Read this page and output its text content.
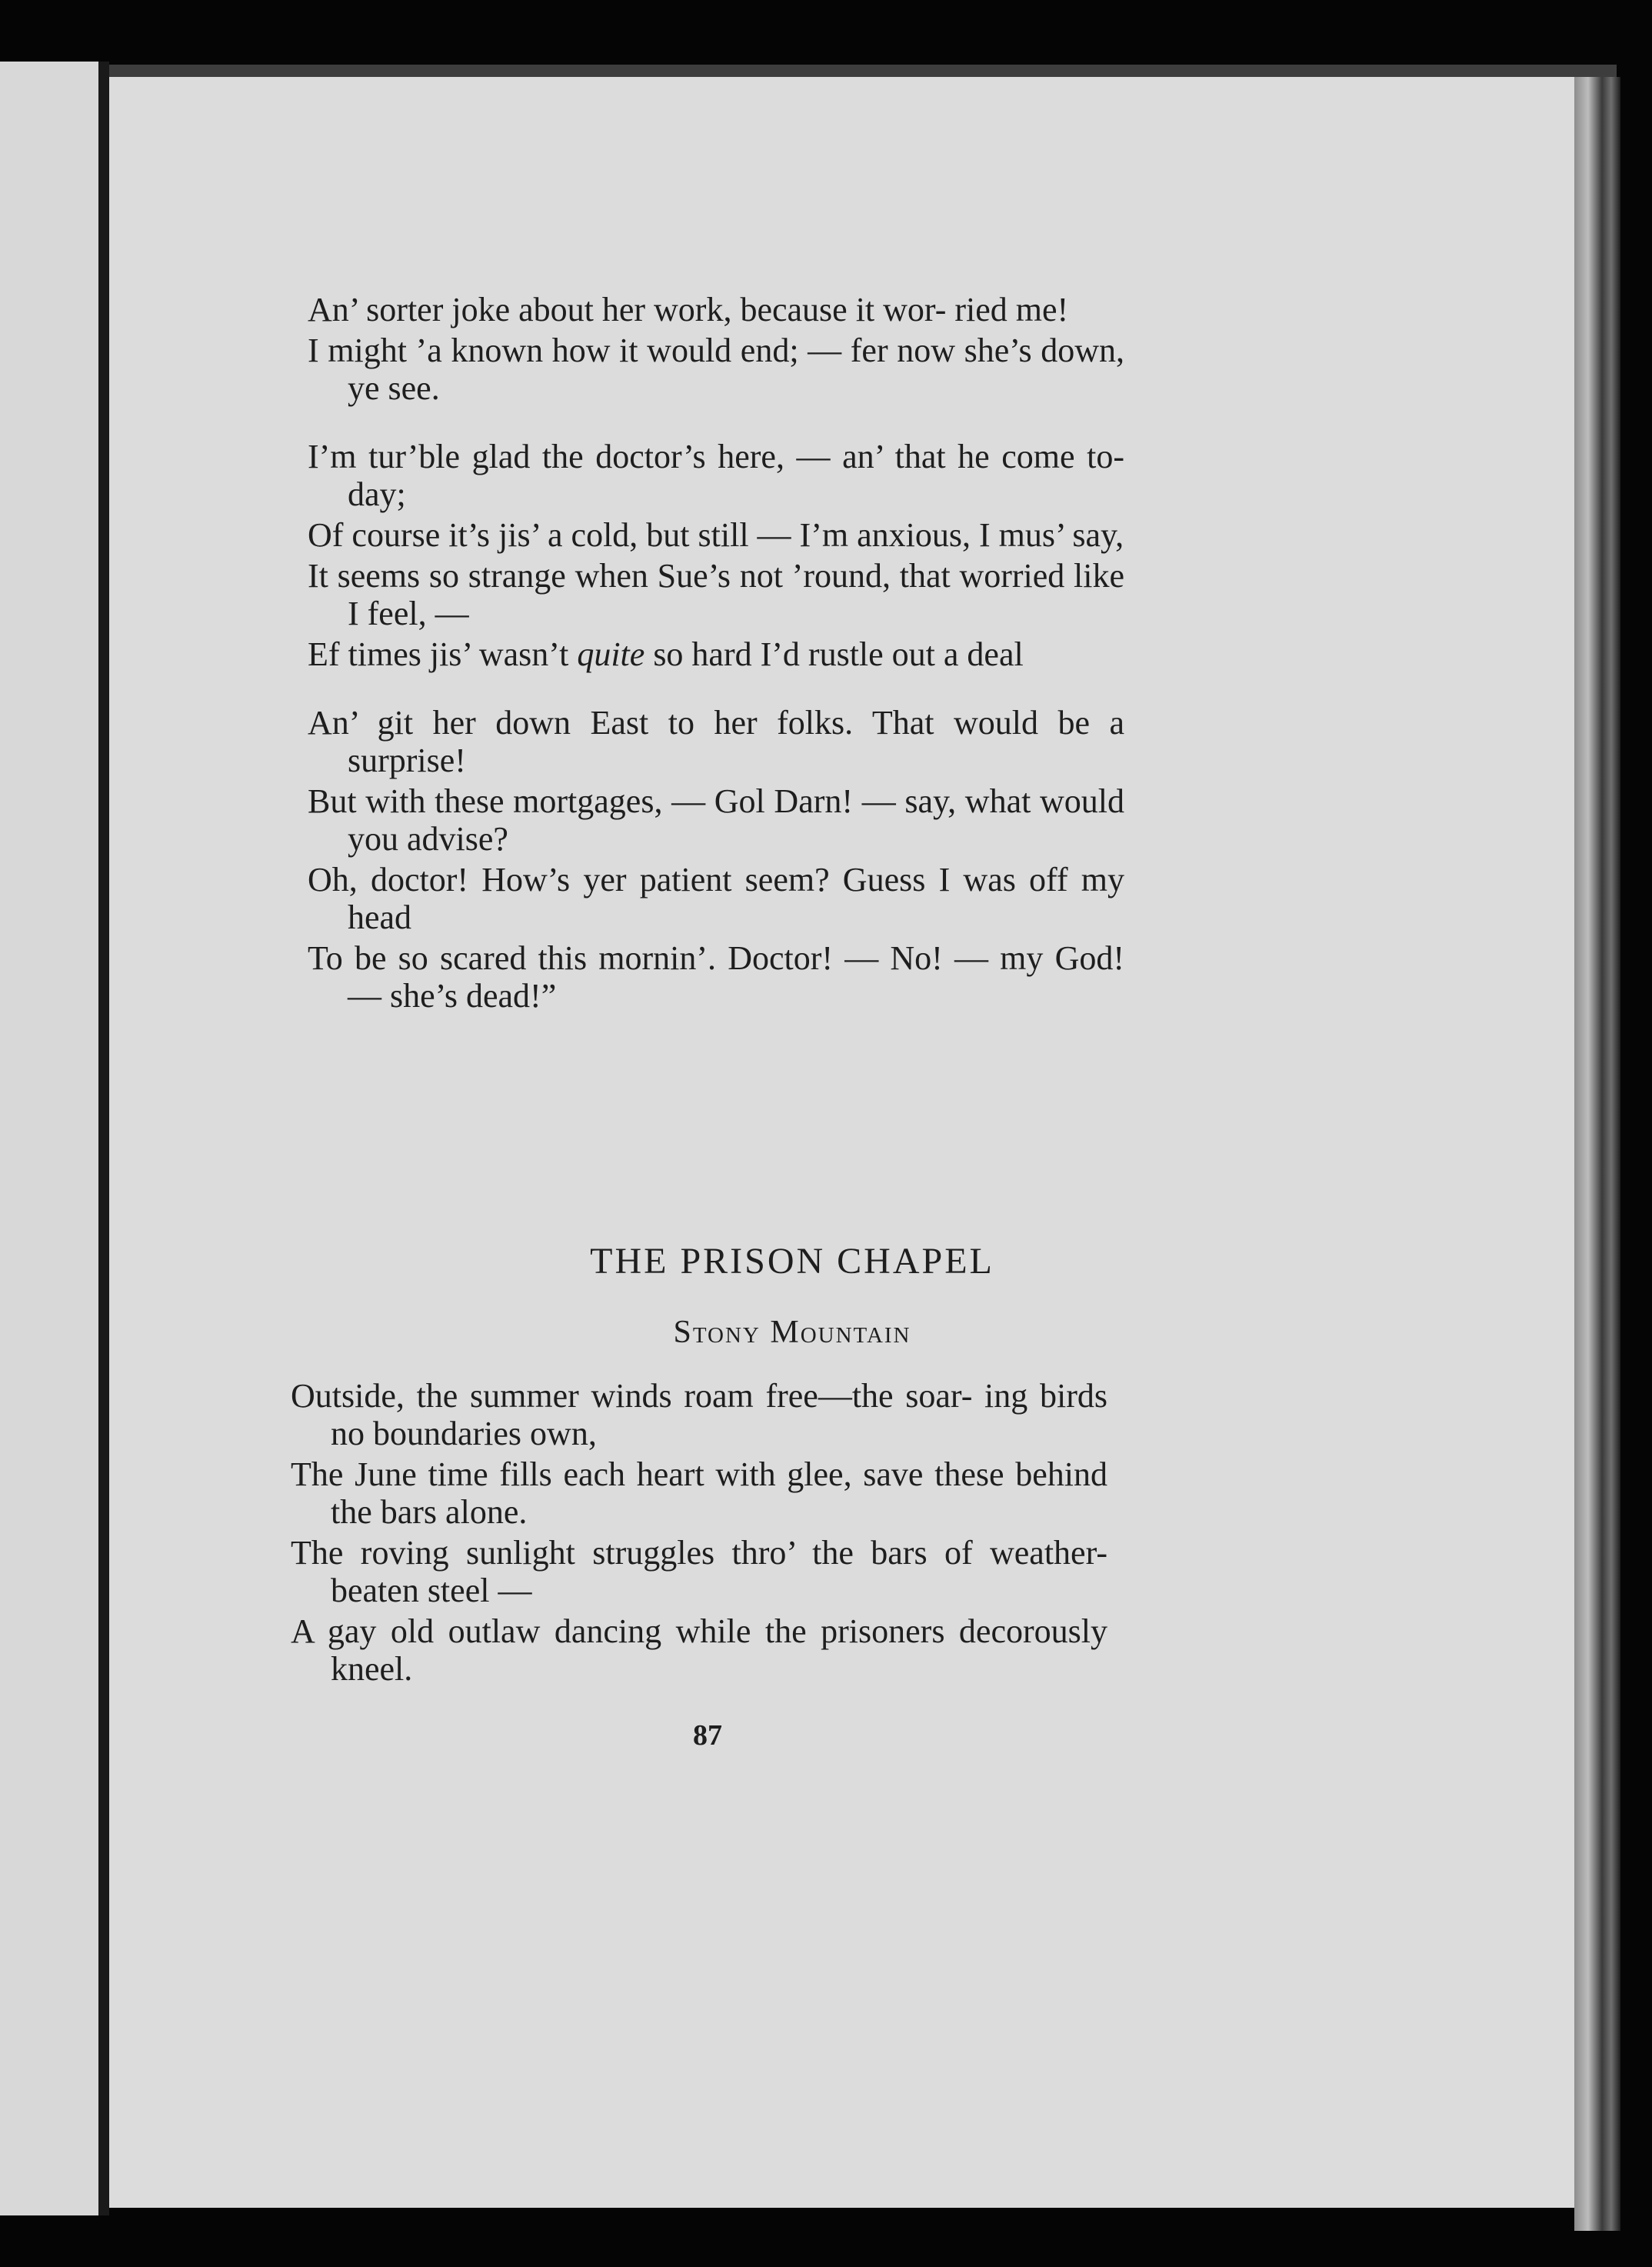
An’ sorter joke about her work, because it wor- ried me!
I might ’a known how it would end; — fer now she’s down, ye see.
I’m tur’ble glad the doctor’s here, — an’ that he come to-day;
Of course it’s jis’ a cold, but still — I’m anxious, I mus’ say,
It seems so strange when Sue’s not ’round, that worried like I feel, —
Ef times jis’ wasn’t quite so hard I’d rustle out a deal
An’ git her down East to her folks. That would be a surprise!
But with these mortgages, — Gol Darn! — say, what would you advise?
Oh, doctor! How’s yer patient seem? Guess I was off my head
To be so scared this mornin’. Doctor! — No! — my God! — she’s dead!”
THE PRISON CHAPEL
Stony Mountain
Outside, the summer winds roam free—the soar- ing birds no boundaries own,
The June time fills each heart with glee, save these behind the bars alone.
The roving sunlight struggles thro’ the bars of weather-beaten steel —
A gay old outlaw dancing while the prisoners decorously kneel.
87
